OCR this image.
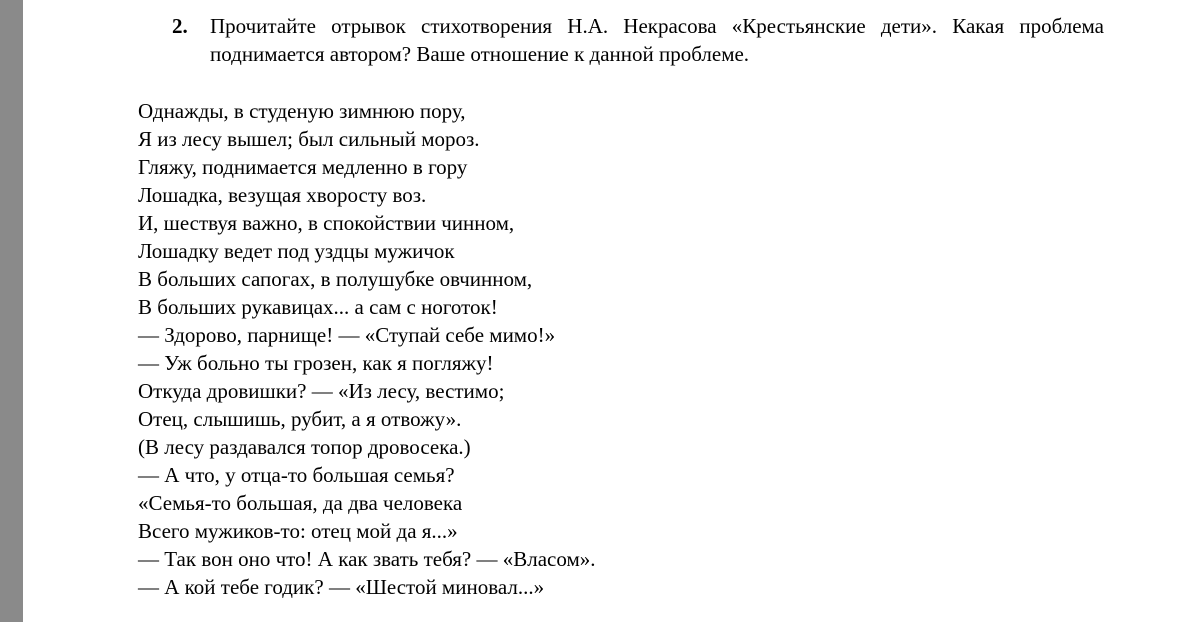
2. Прочитайте отрывок стихотворения Н.А. Некрасова «Крестьянские дети». Какая проблема поднимается автором? Ваше отношение к данной проблеме.
Однажды, в студеную зимнюю пору,
Я из лесу вышел; был сильный мороз.
Гляжу, поднимается медленно в гору
Лошадка, везущая хворосту воз.
И, шествуя важно, в спокойствии чинном,
Лошадку ведет под уздцы мужичок
В больших сапогах, в полушубке овчинном,
В больших рукавицах... а сам с ноготок!
— Здорово, парнище! — «Ступай себе мимо!»
— Уж больно ты грозен, как я погляжу!
Откуда дровишки? — «Из лесу, вестимо;
Отец, слышишь, рубит, а я отвожу».
(В лесу раздавался топор дровосека.)
— А что, у отца-то большая семья?
«Семья-то большая, да два человека
Всего мужиков-то: отец мой да я...»
— Так вон оно что! А как звать тебя? — «Власом».
— А кой тебе годик? — «Шестой миновал...»
